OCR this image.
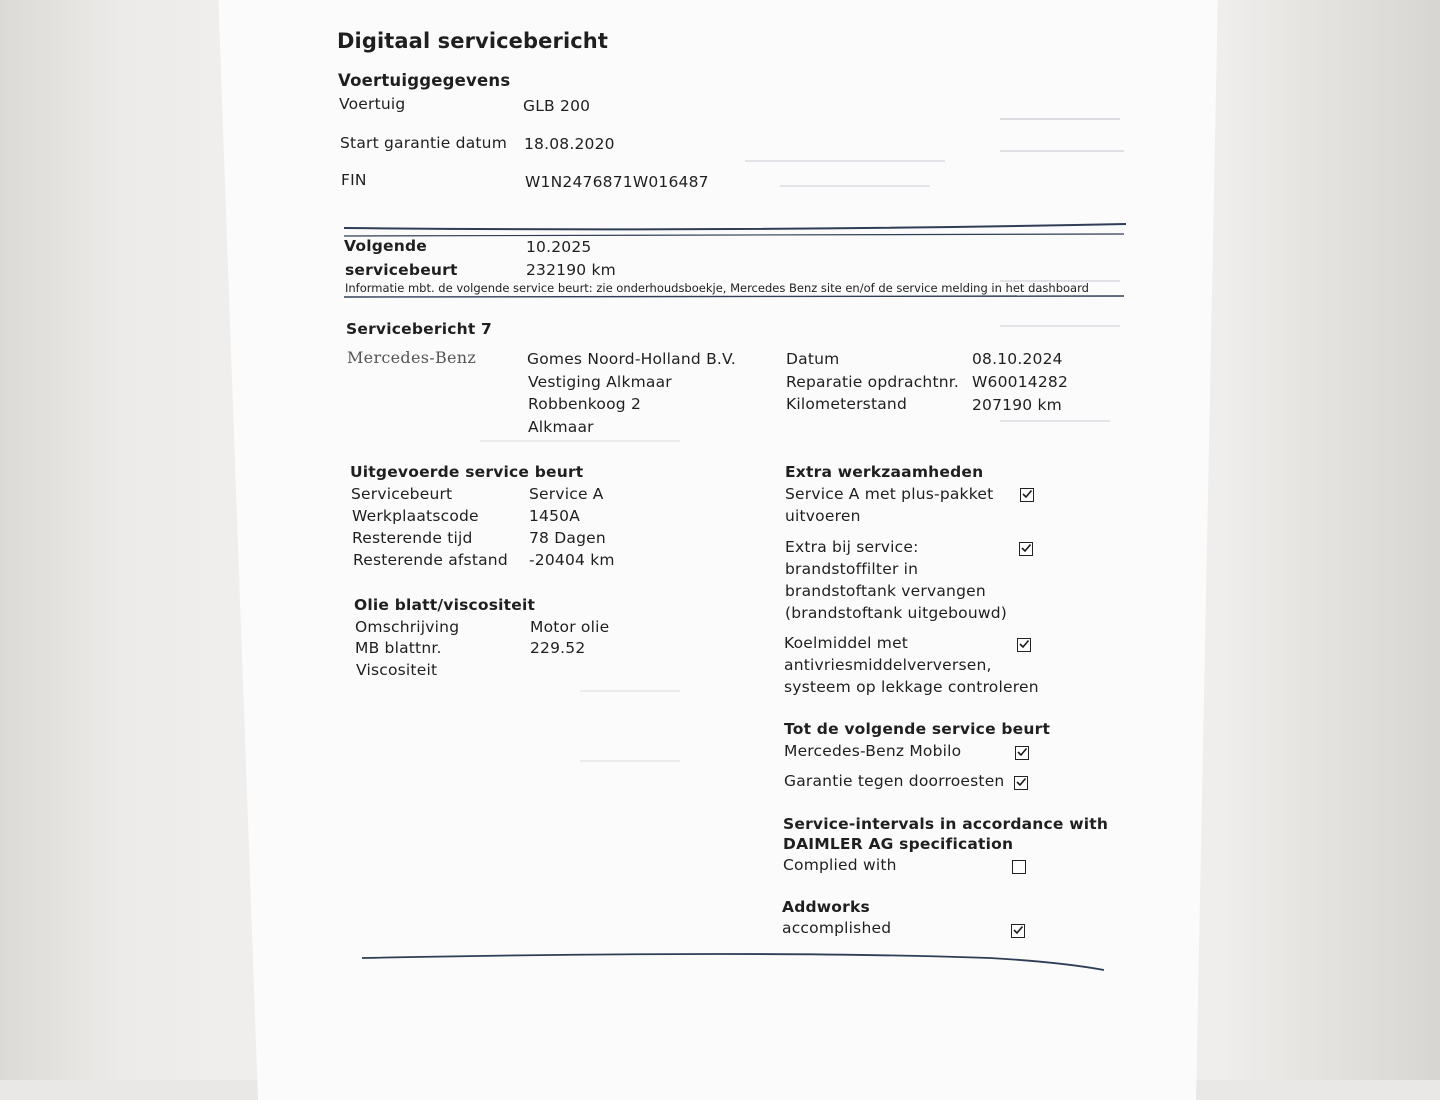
Digitaal servicebericht
Voertuiggegevens
Voertuig	GLB 200
Start garantie datum 18.08.2020
FIN	W1N2476871W016487
Volgende
servicebeurt
10.2025
232190 km
Informatie mbt. de volgende service beurt: zie onderhoudsboekje, Mercedes Benz site en/of de service melding in het dashboard
Servicebericht 7
Mercedes-Benz	Gomes Noord-Holland B.V.
Vestiging Alkmaar
Robbenkoog 2
Alkmaar
Datum	08.10.2024
Reparatie opdrachtnr. W60014282
Kilometerstand	207190 km
Uitgevoerde service beurt
Servicebeurt	Service A
Werkplaatscode	1450A
Resterende tijd	78 Dagen
Resterende afstand -20404 km
Olie blatt/viscositeit
Omschrijving	Motor olie
MB blattnr.	229.52
Viscositeit
Extra werkzaamheden
Service A met plus-pakket
uitvoeren
Extra bij service:
brandstoffilter in
brandstoftank vervangen
(brandstoftank uitgebouwd)
Koelmiddel met
antivriesmiddelverversen,
systeem op lekkage controleren
Tot de volgende service beurt
Mercedes-Benz Mobilo
Garantie tegen doorroesten
Service-intervals in accordance with
DAIMLER AG specification
Complied with
Addworks
accomplished
